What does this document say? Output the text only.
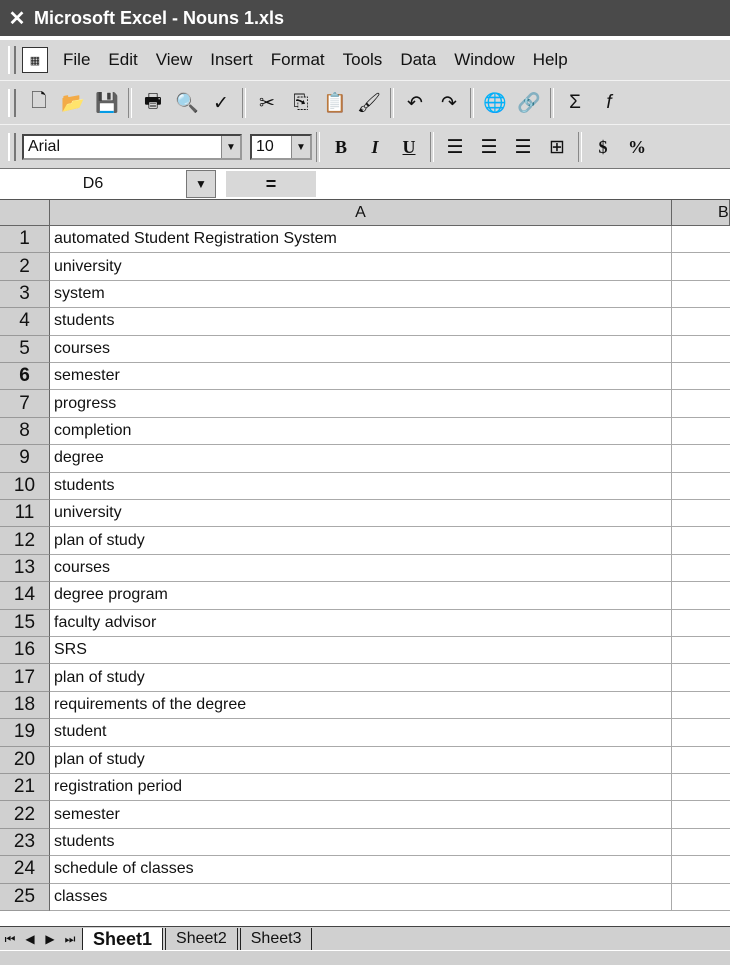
✕ Microsoft Excel - Nouns 1.xls
▦	File Edit View Insert Format Tools Data Window Help
🗋 📂 💾 🖶 🔍 ✓ ✂ ⎘ 📋 🖌 ↶ ↷ 🌐 🔗	Σ	f
Arial	▼ 10	▼	B	I	U	☰ ☰ ☰ ⊞	$	%
D6	▼	=
A	B
1	automated Student Registration System
2	university
3	system
4	students
5	courses
6	semester
7	progress
8	completion
9	degree
10	students
11	university
12	plan of study
13	courses
14	degree program
15	faculty advisor
16	SRS
17	plan of study
18	requirements of the degree
19	student
20	plan of study
21	registration period
22	semester
23	students
24	schedule of classes
25	classes
⏮ ◀ ▶ ⏭ Sheet1	Sheet2	Sheet3
